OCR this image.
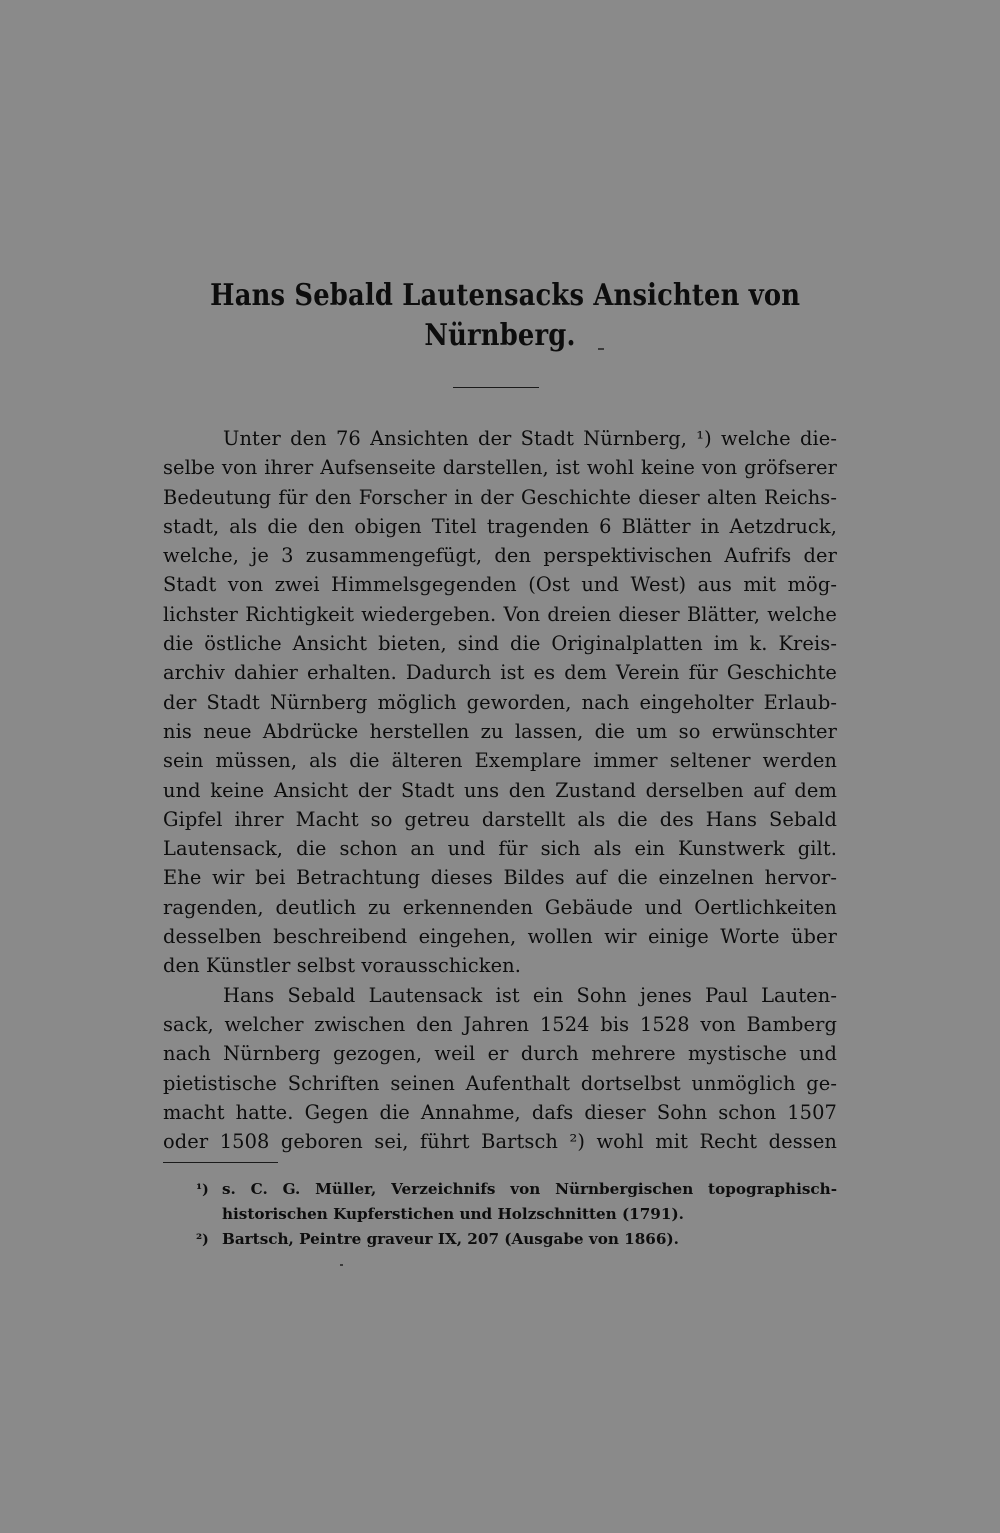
Hans Sebald Lautensacks Ansichten von
Nürnberg.
Unter den 76 Ansichten der Stadt Nürnberg, ¹) welche die-
selbe von ihrer Aufsenseite darstellen, ist wohl keine von gröfserer
Bedeutung für den Forscher in der Geschichte dieser alten Reichs-
stadt, als die den obigen Titel tragenden 6 Blätter in Aetzdruck,
welche, je 3 zusammengefügt, den perspektivischen Aufrifs der
Stadt von zwei Himmelsgegenden (Ost und West) aus mit mög-
lichster Richtigkeit wiedergeben. Von dreien dieser Blätter, welche
die östliche Ansicht bieten, sind die Originalplatten im k. Kreis-
archiv dahier erhalten. Dadurch ist es dem Verein für Geschichte
der Stadt Nürnberg möglich geworden, nach eingeholter Erlaub-
nis neue Abdrücke herstellen zu lassen, die um so erwünschter
sein müssen, als die älteren Exemplare immer seltener werden
und keine Ansicht der Stadt uns den Zustand derselben auf dem
Gipfel ihrer Macht so getreu darstellt als die des Hans Sebald
Lautensack, die schon an und für sich als ein Kunstwerk gilt.
Ehe wir bei Betrachtung dieses Bildes auf die einzelnen hervor-
ragenden, deutlich zu erkennenden Gebäude und Oertlichkeiten
desselben beschreibend eingehen, wollen wir einige Worte über
den Künstler selbst vorausschicken.
Hans Sebald Lautensack ist ein Sohn jenes Paul Lauten-
sack, welcher zwischen den Jahren 1524 bis 1528 von Bamberg
nach Nürnberg gezogen, weil er durch mehrere mystische und
pietistische Schriften seinen Aufenthalt dortselbst unmöglich ge-
macht hatte. Gegen die Annahme, dafs dieser Sohn schon 1507
oder 1508 geboren sei, führt Bartsch ²) wohl mit Recht dessen
¹) s. C. G. Müller, Verzeichnifs von Nürnbergischen topographisch-
historischen Kupferstichen und Holzschnitten (1791).
²) Bartsch, Peintre graveur IX, 207 (Ausgabe von 1866).
